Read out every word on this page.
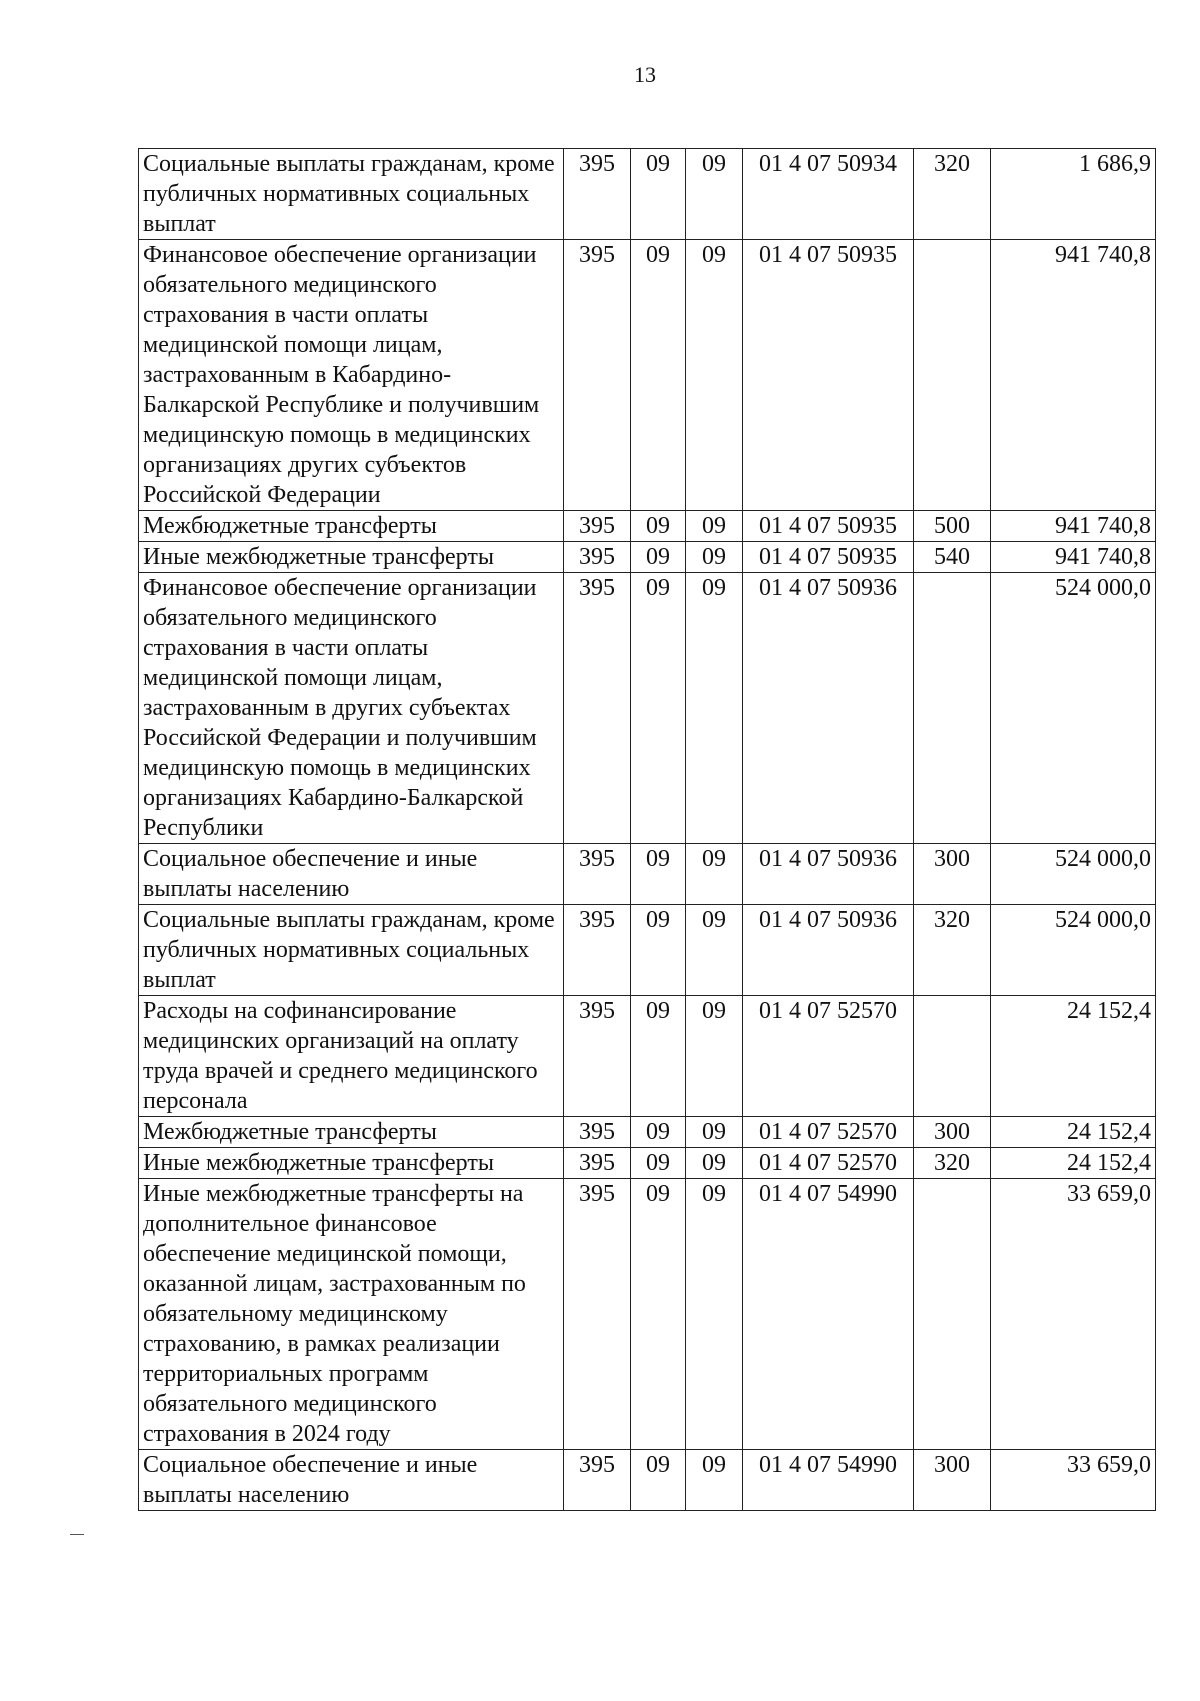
13
Социальные выплаты гражданам, кроме публичных нормативных социальных выплат	395	09	09	01 4 07 50934	320	1 686,9
Финансовое обеспечение организации обязательного медицинского страхования в части оплаты медицинской помощи лицам, застрахованным в Кабардино-Балкарской Республике и получившим медицинскую помощь в медицинских организациях других субъектов Российской Федерации	395	09	09	01 4 07 50935		941 740,8
Межбюджетные трансферты	395	09	09	01 4 07 50935	500	941 740,8
Иные межбюджетные трансферты	395	09	09	01 4 07 50935	540	941 740,8
Финансовое обеспечение организации обязательного медицинского страхования в части оплаты медицинской помощи лицам, застрахованным в других субъектах Российской Федерации и получившим медицинскую помощь в медицинских организациях Кабардино-Балкарской Республики	395	09	09	01 4 07 50936		524 000,0
Социальное обеспечение и иные выплаты населению	395	09	09	01 4 07 50936	300	524 000,0
Социальные выплаты гражданам, кроме публичных нормативных социальных выплат	395	09	09	01 4 07 50936	320	524 000,0
Расходы на софинансирование медицинских организаций на оплату труда врачей и среднего медицинского персонала	395	09	09	01 4 07 52570		24 152,4
Межбюджетные трансферты	395	09	09	01 4 07 52570	300	24 152,4
Иные межбюджетные трансферты	395	09	09	01 4 07 52570	320	24 152,4
Иные межбюджетные трансферты на дополнительное финансовое обеспечение медицинской помощи, оказанной лицам, застрахованным по обязательному медицинскому страхованию, в рамках реализации территориальных программ обязательного медицинского страхования в 2024 году	395	09	09	01 4 07 54990		33 659,0
Социальное обеспечение и иные выплаты населению	395	09	09	01 4 07 54990	300	33 659,0
